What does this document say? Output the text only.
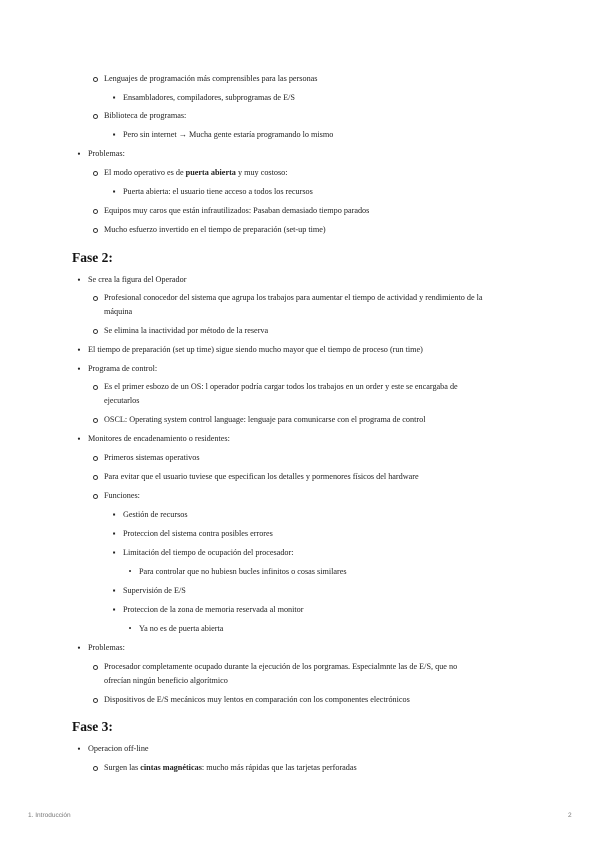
Lenguajes de programación más comprensibles para las personas
▪
Ensambladores, compiladores, subprogramas de E/S
Biblioteca de programas:
▪
Pero sin internet → Mucha gente estaría programando lo mismo
•
Problemas:
El modo operativo es de puerta abierta y muy costoso:
▪
Puerta abierta: el usuario tiene acceso a todos los recursos
Equipos muy caros que están infrautilizados: Pasaban demasiado tiempo parados
Mucho esfuerzo invertido en el tiempo de preparación (set-up time)
Fase 2:
•
Se crea la figura del Operador
Profesional conocedor del sistema que agrupa los trabajos para aumentar el tiempo de actividad y rendimiento de la
máquina
Se elimina la inactividad por método de la reserva
•
El tiempo de preparación (set up time) sigue siendo mucho mayor que el tiempo de proceso (run time)
•
Programa de control:
Es el primer esbozo de un OS: l operador podría cargar todos los trabajos en un order y este se encargaba de
ejecutarlos
OSCL: Operating system control language: lenguaje para comunicarse con el programa de control
•
Monitores de encadenamiento o residentes:
Primeros sistemas operativos
Para evitar que el usuario tuviese que especifican los detalles y pormenores físicos del hardware
Funciones:
▪
Gestión de recursos
▪
Proteccion del sistema contra posibles errores
▪
Limitación del tiempo de ocupación del procesador:
•
Para controlar que no hubiesn bucles infinitos o cosas similares
▪
Supervisión de E/S
▪
Proteccion de la zona de memoria reservada al monitor
•
Ya no es de puerta abierta
•
Problemas:
Procesador completamente ocupado durante la ejecución de los porgramas. Especialmnte las de E/S, que no
ofrecían ningún beneficio algorítmico
Dispositivos de E/S mecánicos muy lentos en comparación con los componentes electrónicos
Fase 3:
•
Operacion off-line
Surgen las cintas magnéticas: mucho más rápidas que las tarjetas perforadas
1. Introducción	2
